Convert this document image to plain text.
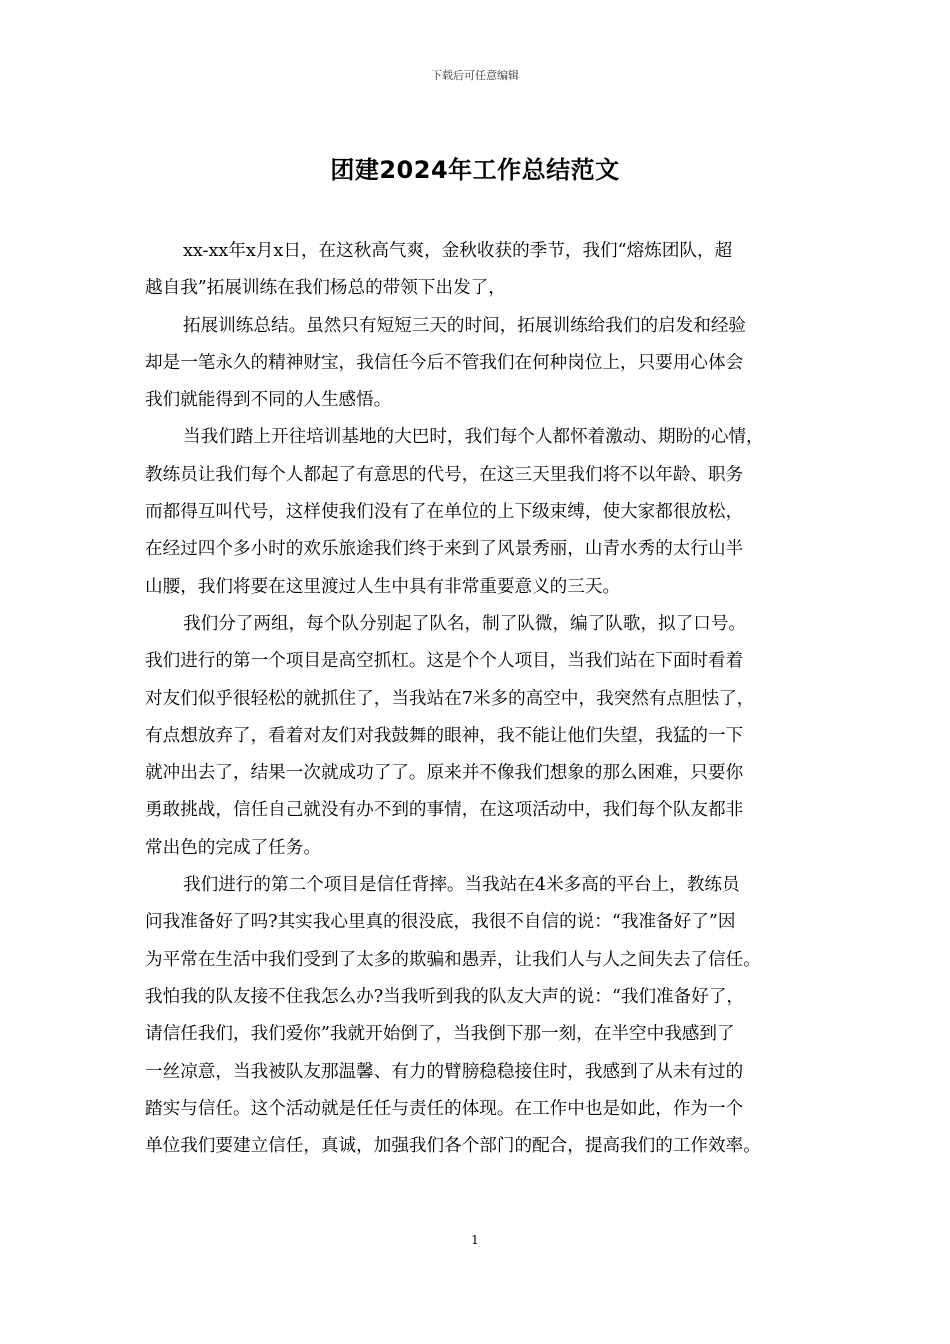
下载后可任意编辑
团建2024年工作总结范文
xx-xx年x月x日，在这秋高气爽，金秋收获的季节，我们“熔炼团队，超
越自我”拓展训练在我们杨总的带领下出发了，
拓展训练总结。虽然只有短短三天的时间，拓展训练给我们的启发和经验
却是一笔永久的精神财宝，我信任今后不管我们在何种岗位上，只要用心体会
我们就能得到不同的人生感悟。
当我们踏上开往培训基地的大巴时，我们每个人都怀着激动、期盼的心情，
教练员让我们每个人都起了有意思的代号，在这三天里我们将不以年龄、职务
而都得互叫代号，这样使我们没有了在单位的上下级束缚，使大家都很放松，
在经过四个多小时的欢乐旅途我们终于来到了风景秀丽，山青水秀的太行山半
山腰，我们将要在这里渡过人生中具有非常重要意义的三天。
我们分了两组，每个队分别起了队名，制了队微，编了队歌，拟了口号。
我们进行的第一个项目是高空抓杠。这是个个人项目，当我们站在下面时看着
对友们似乎很轻松的就抓住了，当我站在7米多的高空中，我突然有点胆怯了，
有点想放弃了，看着对友们对我鼓舞的眼神，我不能让他们失望，我猛的一下
就冲出去了，结果一次就成功了了。原来并不像我们想象的那么困难，只要你
勇敢挑战，信任自己就没有办不到的事情，在这项活动中，我们每个队友都非
常出色的完成了任务。
我们进行的第二个项目是信任背摔。当我站在4米多高的平台上，教练员
问我准备好了吗?其实我心里真的很没底，我很不自信的说：“我准备好了”因
为平常在生活中我们受到了太多的欺骗和愚弄，让我们人与人之间失去了信任。
我怕我的队友接不住我怎么办?当我听到我的队友大声的说：“我们准备好了，
请信任我们，我们爱你”我就开始倒了，当我倒下那一刻，在半空中我感到了
一丝凉意，当我被队友那温馨、有力的臂膀稳稳接住时，我感到了从未有过的
踏实与信任。这个活动就是任任与责任的体现。在工作中也是如此，作为一个
单位我们要建立信任，真诚，加强我们各个部门的配合，提高我们的工作效率。
1
